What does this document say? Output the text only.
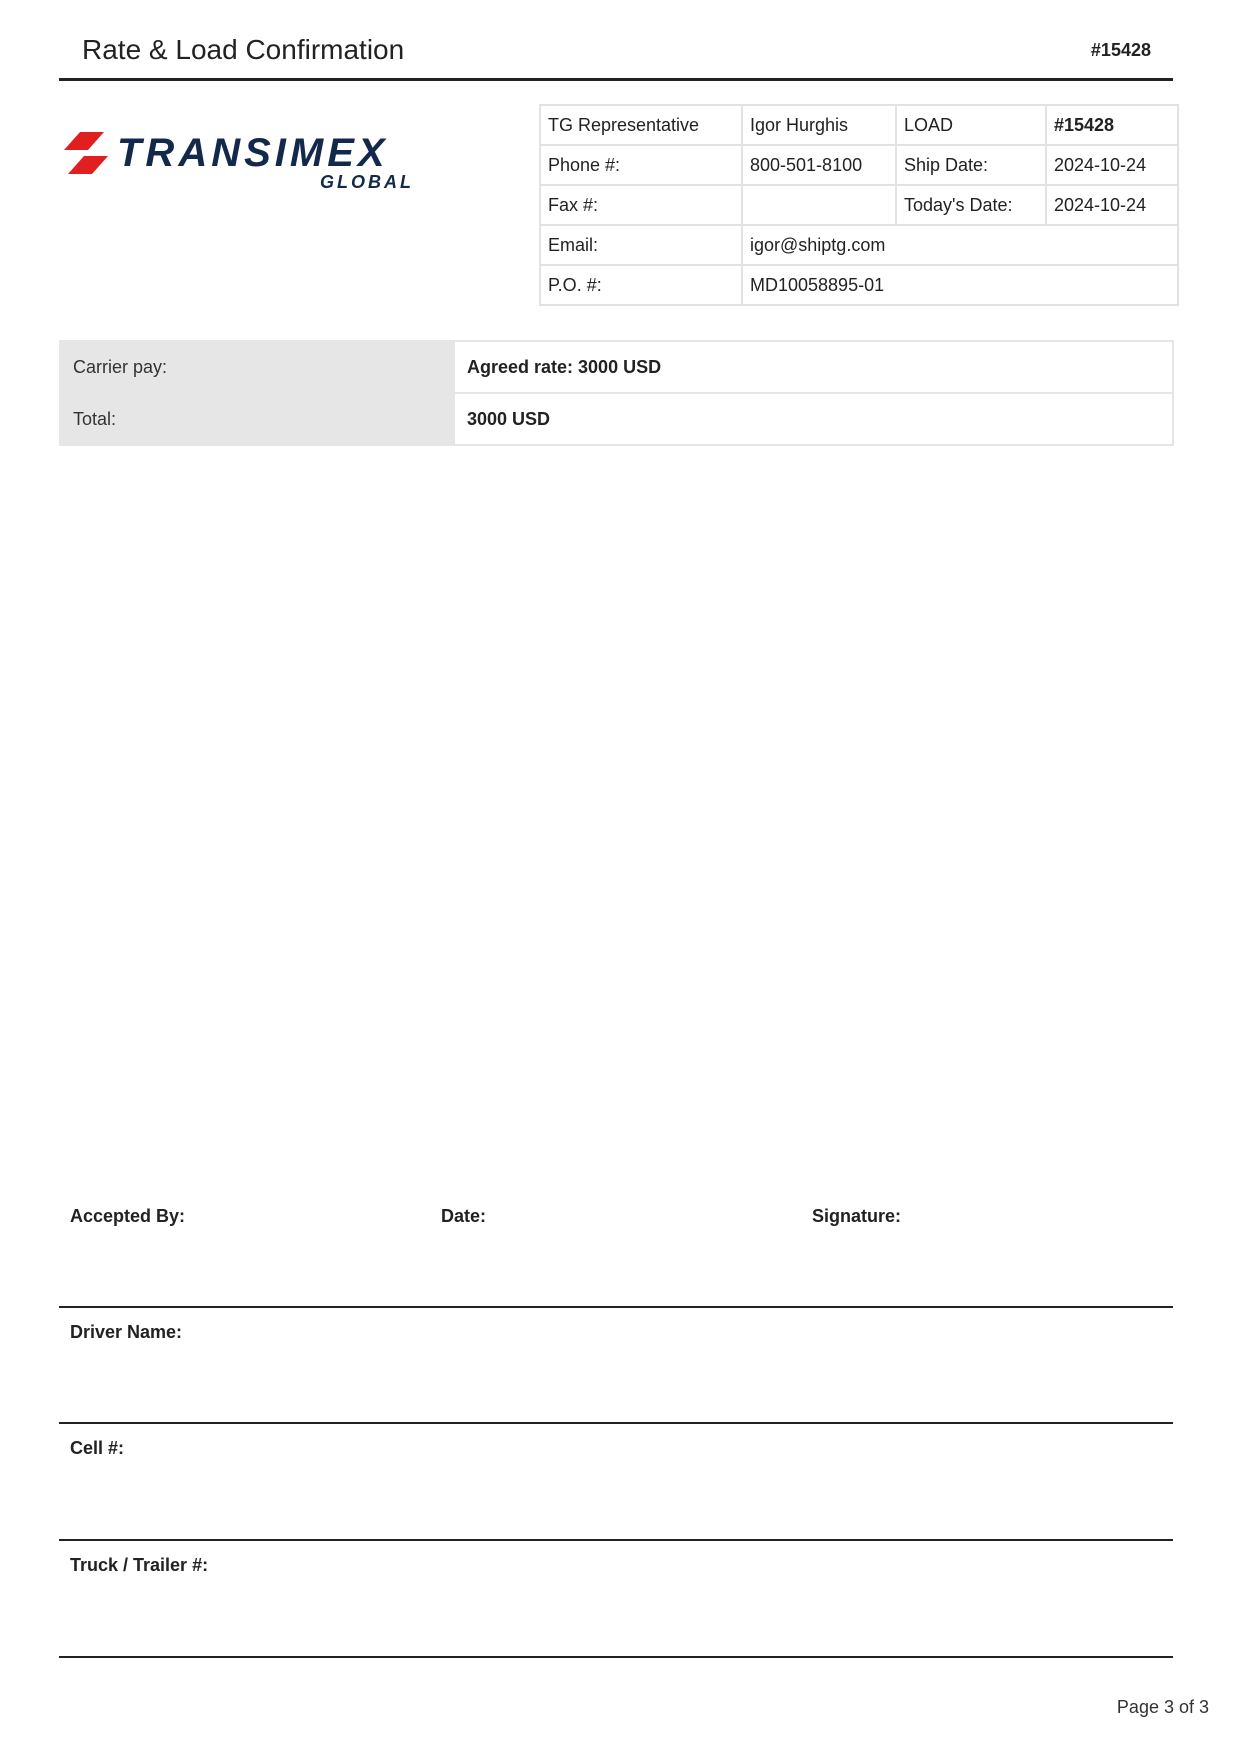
Rate & Load Confirmation	#15428
TRANSIMEX
GLOBAL
TG Representative	Igor Hurghis	LOAD	#15428
Phone #:	800-501-8100	Ship Date:	2024-10-24
Fax #:		Today's Date:	2024-10-24
Email:	igor@shiptg.com		
P.O. #:	MD10058895-01		
Carrier pay:	Agreed rate: 3000 USD
Total:	3000 USD
Accepted By:	Date:	Signature:
Driver Name:
Cell #:
Truck / Trailer #:
Page 3 of 3
